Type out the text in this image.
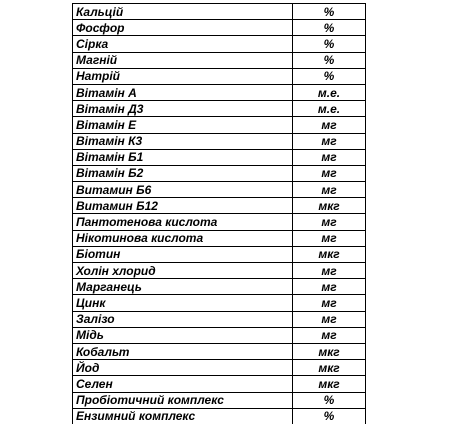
Кальцій	%	
Фосфор	%	
Сірка	%	
Магній	%	
Натрій	%	
Вітамін А	м.е.	
Вітамін Д3	м.е.	
Вітамін Е	мг	
Вітамін К3	мг	
Вітамін Б1	мг	
Вітамін Б2	мг	
Витамин Б6	мг	
Витамин Б12	мкг	
Пантотенова кислота	мг	
Нікотинова кислота	мг	
Біотин	мкг	
Холін хлорид	мг	
Марганець	мг	
Цинк	мг	
Залізо	мг	
Мідь	мг	
Кобальт	мкг	
Йод	мкг	
Селен	мкг	
Пробіотичний комплекс	%	
Ензимний комплекс	%	
